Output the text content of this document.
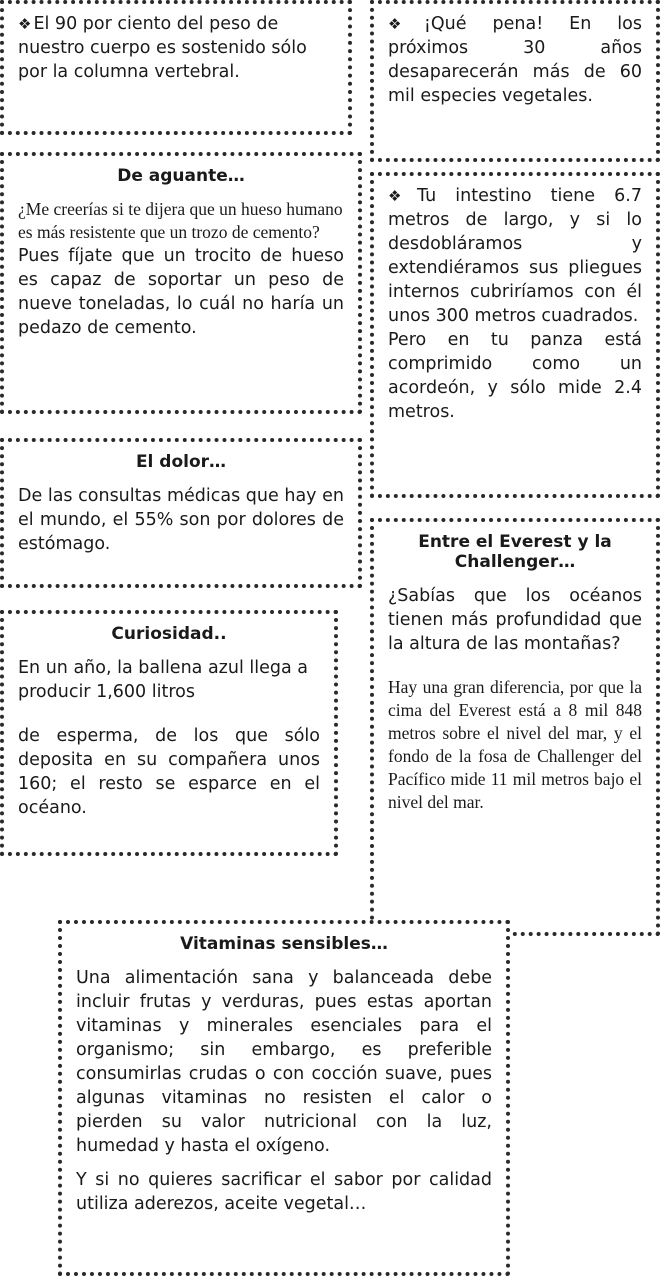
❖ El 90 por ciento del peso de nuestro cuerpo es sostenido sólo por la columna vertebral.

❖ ¡Qué pena! En los próximos 30 años desaparecerán más de 60 mil especies vegetales.

De aguante…

¿Me creerías si te dijera que un hueso humano es más resistente que un trozo de cemento?

Pues fíjate que un trocito de hueso es capaz de soportar un peso de nueve toneladas, lo cuál no haría un pedazo de cemento.

❖ Tu intestino tiene 6.7 metros de largo, y si lo desdobláramos y extendiéramos sus pliegues internos cubriríamos con él unos 300 metros cuadrados.

Pero en tu panza está comprimido como un acordeón, y sólo mide 2.4 metros.

El dolor…

De las consultas médicas que hay en el mundo, el 55% son por dolores de estómago.	Entre el Everest y la Challenger…

¿Sabías que los océanos tienen más profundidad que la altura de las montañas?

Hay una gran diferencia, por que la cima del Everest está a 8 mil 848 metros sobre el nivel del mar, y el fondo de la fosa de Challenger del Pacífico mide 11 mil metros bajo el nivel del mar.

Curiosidad..

En un año, la ballena azul llega a producir 1,600 litros

de esperma, de los que sólo deposita en su compañera unos 160; el resto se esparce en el océano.

Vitaminas sensibles…

Una alimentación sana y balanceada debe incluir frutas y verduras, pues estas aportan vitaminas y minerales esenciales para el organismo; sin embargo, es preferible consumirlas crudas o con cocción suave, pues algunas vitaminas no resisten el calor o pierden su valor nutricional con la luz, humedad y hasta el oxígeno.

Y si no quieres sacrificar el sabor por calidad utiliza aderezos, aceite vegetal…
